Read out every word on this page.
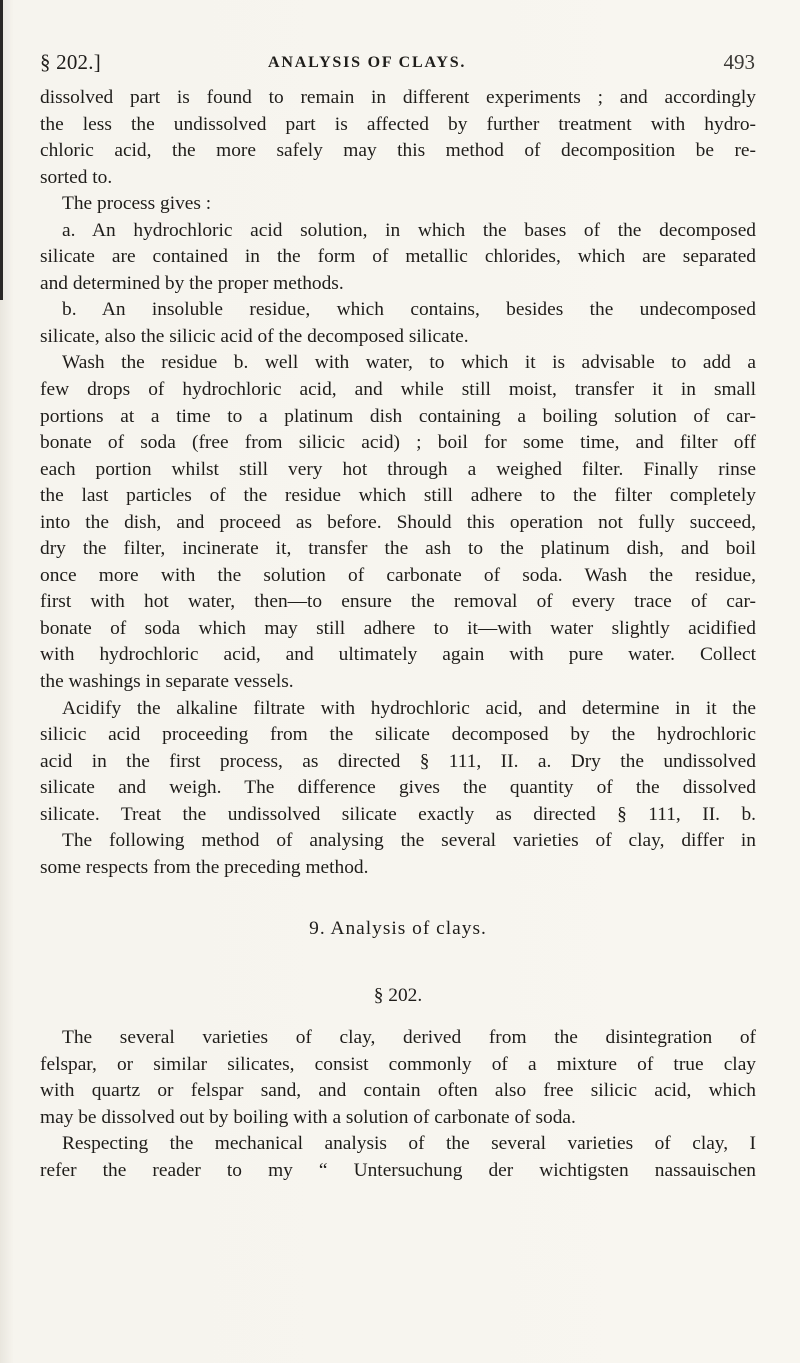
§ 202.]	ANALYSIS OF CLAYS.	493
dissolved part is found to remain in different experiments ; and accordingly
the less the undissolved part is affected by further treatment with hydro-
chloric acid, the more safely may this method of decomposition be re-
sorted to.
The process gives :
a. An hydrochloric acid solution, in which the bases of the decomposed
silicate are contained in the form of metallic chlorides, which are separated
and determined by the proper methods.
b. An insoluble residue, which contains, besides the undecomposed
silicate, also the silicic acid of the decomposed silicate.
Wash the residue b. well with water, to which it is advisable to add a
few drops of hydrochloric acid, and while still moist, transfer it in small
portions at a time to a platinum dish containing a boiling solution of car-
bonate of soda (free from silicic acid) ; boil for some time, and filter off
each portion whilst still very hot through a weighed filter. Finally rinse
the last particles of the residue which still adhere to the filter completely
into the dish, and proceed as before. Should this operation not fully succeed,
dry the filter, incinerate it, transfer the ash to the platinum dish, and boil
once more with the solution of carbonate of soda. Wash the residue,
first with hot water, then—to ensure the removal of every trace of car-
bonate of soda which may still adhere to it—with water slightly acidified
with hydrochloric acid, and ultimately again with pure water. Collect
the washings in separate vessels.
Acidify the alkaline filtrate with hydrochloric acid, and determine in it the
silicic acid proceeding from the silicate decomposed by the hydrochloric
acid in the first process, as directed § 111, II. a. Dry the undissolved
silicate and weigh. The difference gives the quantity of the dissolved
silicate. Treat the undissolved silicate exactly as directed § 111, II. b.
The following method of analysing the several varieties of clay, differ in
some respects from the preceding method.
9. Analysis of clays.
§ 202.
The several varieties of clay, derived from the disintegration of
felspar, or similar silicates, consist commonly of a mixture of true clay
with quartz or felspar sand, and contain often also free silicic acid, which
may be dissolved out by boiling with a solution of carbonate of soda.
Respecting the mechanical analysis of the several varieties of clay, I
refer the reader to my “ Untersuchung der wichtigsten nassauischen
